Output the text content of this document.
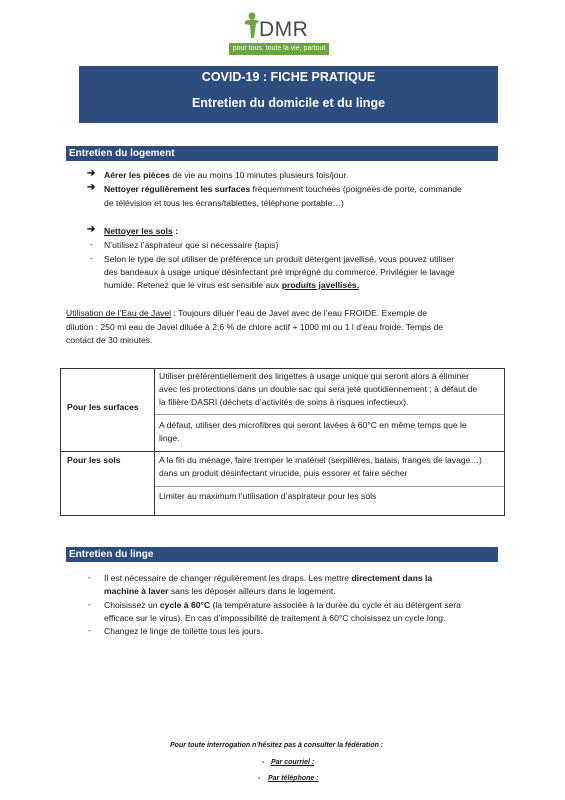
DMR
pour tous, toute la vie, partout
COVID-19 : FICHE PRATIQUE
Entretien du domicile et du linge
Entretien du logement
➔ Aérer les pièces de vie au moins 10 minutes plusieurs fois/jour.
➔ Nettoyer régulièrement les surfaces fréquemment touchées (poignées de porte, commande
de télévision et tous les écrans/tablettes, téléphone portable…)
➔ Nettoyer les sols :
- N’utilisez l’aspirateur que si nécessaire (tapis)
- Selon le type de sol utiliser de préférence un produit détergent javellisé, vous pouvez utiliser
des bandeaux à usage unique désinfectant pré imprégné du commerce. Privilégier le lavage
humide. Retenez que le virus est sensible aux produits javellisés.
Utilisation de l’Eau de Javel : Toujours diluer l’eau de Javel avec de l’eau FROIDE. Exemple de
dilution : 250 ml eau de Javel diluée à 2,6 % de chlore actif + 1000 ml ou 1 l d’eau froide. Temps de
contact de 30 minutes.
Pour les surfaces
Utiliser préférentiellement des lingettes à usage unique qui seront alors à éliminer
avec les protections dans un double sac qui sera jeté quotidiennement ; à défaut de
la filière DASRI (déchets d’activités de soins à risques infectieux).
A défaut, utiliser des microfibres qui seront lavées à 60°C en même temps que le
linge.
Pour les sols	A la fin du ménage, faire tremper le matériel (serpillères, balais, franges de lavage…)
dans un produit désinfectant virucide, puis essorer et faire sécher
Limiter au maximum l’utilisation d’aspirateur pour les sols
Entretien du linge
- Il est nécessaire de changer régulièrement les draps. Les mettre directement dans la
machine à laver sans les déposer ailleurs dans le logement.
- Choisissez un cycle à 60°C (la température associée à la durée du cycle et au détergent sera
efficace sur le virus). En cas d’impossibilité de traitement à 60°C choisissez un cycle long.
- Changez le linge de toilette tous les jours.
Pour toute interrogation n’hésitez pas à consulter la fédération :
- Par courriel :
- Par téléphone :
